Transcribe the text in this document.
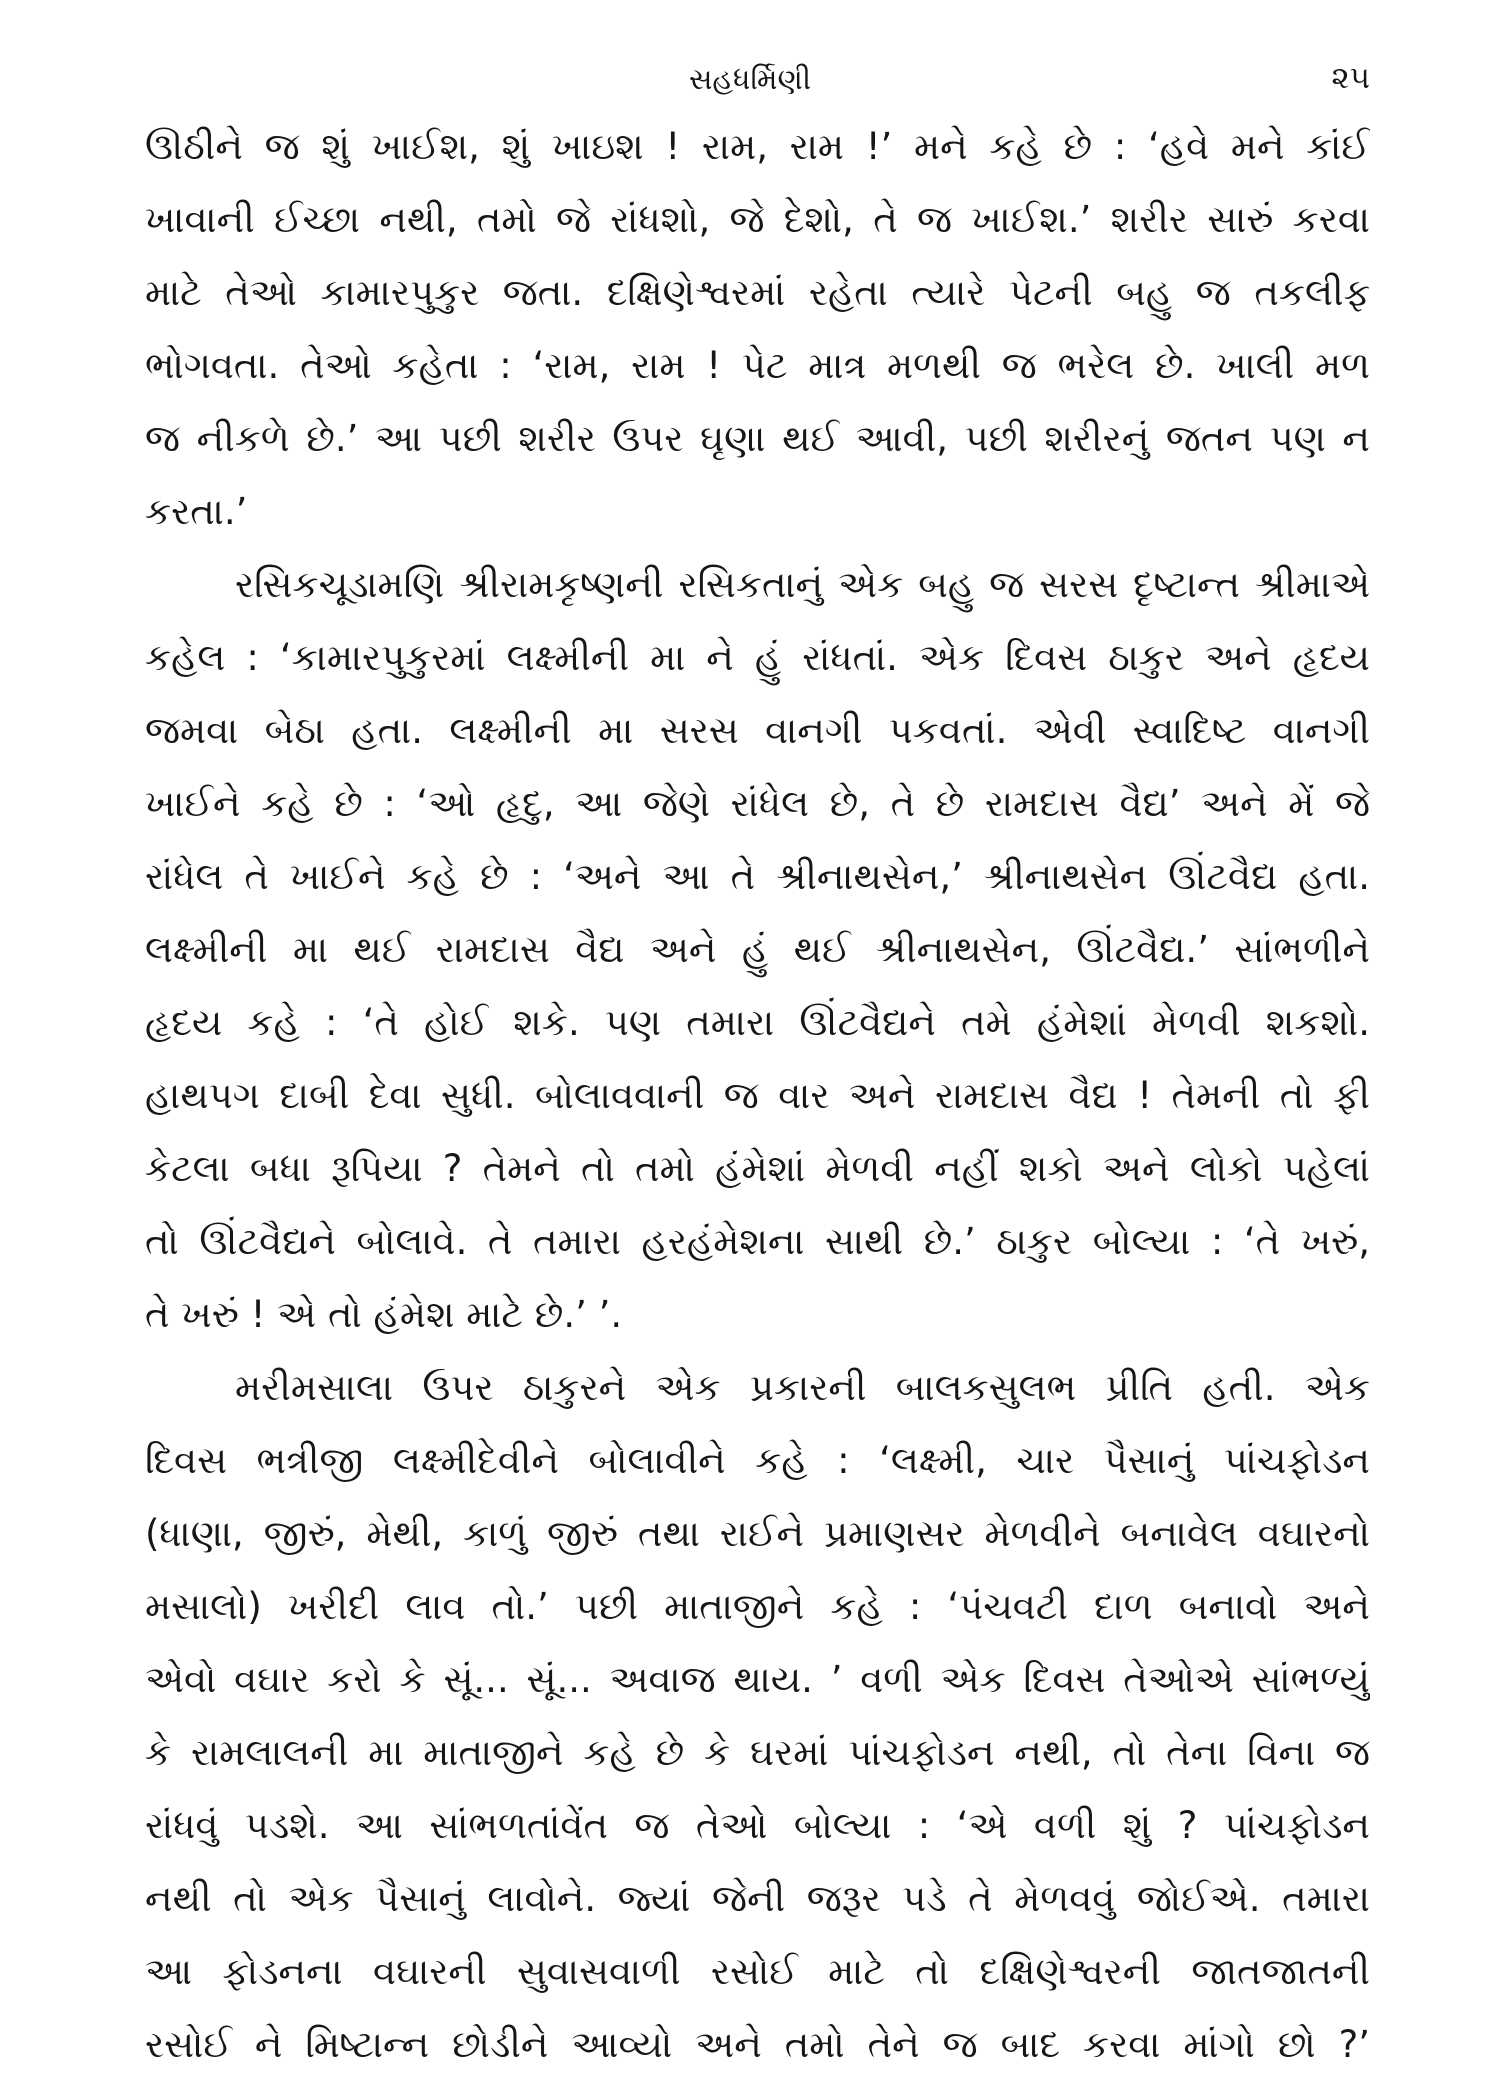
સહધર્મિણી	૨૫
ઊઠીને જ શું ખાઈશ, શું ખાઇશ ! રામ, રામ !’ મને કહે છે : ‘હવે મને કાંઈ
ખાવાની ઈચ્છા નથી, તમો જે રાંધશો, જે દેશો, તે જ ખાઈશ.’ શરીર સારું કરવા
માટે તેઓ કામારપુકુર જતા. દક્ષિણેશ્વરમાં રહેતા ત્યારે પેટની બહુ જ તકલીફ
ભોગવતા. તેઓ કહેતા : ‘રામ, રામ ! પેટ માત્ર મળથી જ ભરેલ છે. ખાલી મળ
જ નીકળે છે.’ આ પછી શરીર ઉપર ઘૃણા થઈ આવી, પછી શરીરનું જતન પણ ન
કરતા.’
રસિકચૂડામણિ શ્રીરામકૃષ્ણની રસિકતાનું એક બહુ જ સરસ દૃષ્ટાન્ત શ્રીમાએ
કહેલ : ‘કામારપુકુરમાં લક્ષ્મીની મા ને હું રાંધતાં. એક દિવસ ઠાકુર અને હૃદય
જમવા બેઠા હતા. લક્ષ્મીની મા સરસ વાનગી પકવતાં. એવી સ્વાદિષ્ટ વાનગી
ખાઈને કહે છે : ‘ઓ હૃદુ, આ જેણે રાંધેલ છે, તે છે રામદાસ વૈદ્ય’ અને મેં જે
રાંધેલ તે ખાઈને કહે છે : ‘અને આ તે શ્રીનાથસેન,’ શ્રીનાથસેન ઊંટવૈદ્ય હતા.
લક્ષ્મીની મા થઈ રામદાસ વૈદ્ય અને હું થઈ શ્રીનાથસેન, ઊંટવૈદ્ય.’ સાંભળીને
હૃદય કહે : ‘તે હોઈ શકે. પણ તમારા ઊંટવૈદ્યને તમે હંમેશાં મેળવી શકશો.
હાથપગ દાબી દેવા સુધી. બોલાવવાની જ વાર અને રામદાસ વૈદ્ય ! તેમની તો ફી
કેટલા બધા રૂપિયા ? તેમને તો તમો હંમેશાં મેળવી નહીં શકો અને લોકો પહેલાં
તો ઊંટવૈદ્યને બોલાવે. તે તમારા હરહંમેશના સાથી છે.’ ઠાકુર બોલ્યા : ‘તે ખરું,
તે ખરું ! એ તો હંમેશ માટે છે.’ ’.
મરીમસાલા ઉપર ઠાકુરને એક પ્રકારની બાલકસુલભ પ્રીતિ હતી. એક
દિવસ ભત્રીજી લક્ષ્મીદેવીને બોલાવીને કહે : ‘લક્ષ્મી, ચાર પૈસાનું પાંચફોડન
(ધાણા, જીરું, મેથી, કાળું જીરું તથા રાઈને પ્રમાણસર મેળવીને બનાવેલ વઘારનો
મસાલો) ખરીદી લાવ તો.’ પછી માતાજીને કહે : ‘પંચવટી દાળ બનાવો અને
એવો વઘાર કરો કે સૂં... સૂં... અવાજ થાય. ’ વળી એક દિવસ તેઓએ સાંભળ્યું
કે રામલાલની મા માતાજીને કહે છે કે ઘરમાં પાંચફોડન નથી, તો તેના વિના જ
રાંધવું પડશે. આ સાંભળતાંવેંત જ તેઓ બોલ્યા : ‘એ વળી શું ? પાંચફોડન
નથી તો એક પૈસાનું લાવોને. જ્યાં જેની જરૂર પડે તે મેળવવું જોઈએ. તમારા
આ ફોડનના વઘારની સુવાસવાળી રસોઈ માટે તો દક્ષિણેશ્વરની જાતજાતની
રસોઈ ને મિષ્ટાન્ન છોડીને આવ્યો અને તમો તેને જ બાદ કરવા માંગો છો ?’
